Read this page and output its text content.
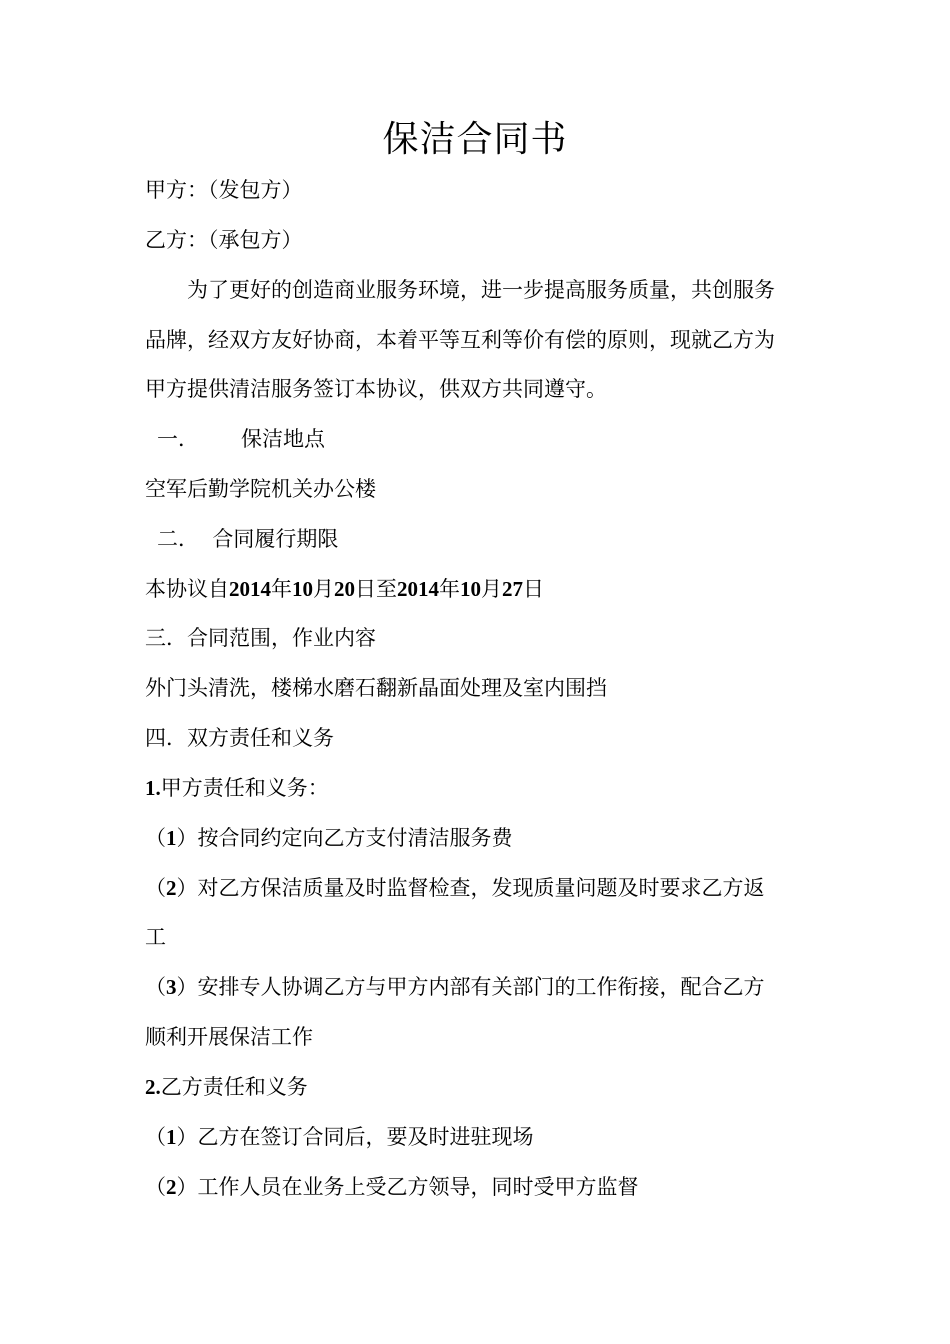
保洁合同书
甲方：（发包方）
乙方：（承包方）
为了更好的创造商业服务环境，进一步提高服务质量，共创服务
品牌，经双方友好协商，本着平等互利等价有偿的原则，现就乙方为
甲方提供清洁服务签订本协议，供双方共同遵守。
一． 保洁地点
空军后勤学院机关办公楼
二．  合同履行期限
本协议自2014年10月20日至2014年10月27日
三．合同范围，作业内容
外门头清洗，楼梯水磨石翻新晶面处理及室内围挡
四．双方责任和义务
1.甲方责任和义务：
（1）按合同约定向乙方支付清洁服务费
（2）对乙方保洁质量及时监督检查，发现质量问题及时要求乙方返
工
（3）安排专人协调乙方与甲方内部有关部门的工作衔接，配合乙方
顺利开展保洁工作
2.乙方责任和义务
（1）乙方在签订合同后，要及时进驻现场
（2）工作人员在业务上受乙方领导，同时受甲方监督
